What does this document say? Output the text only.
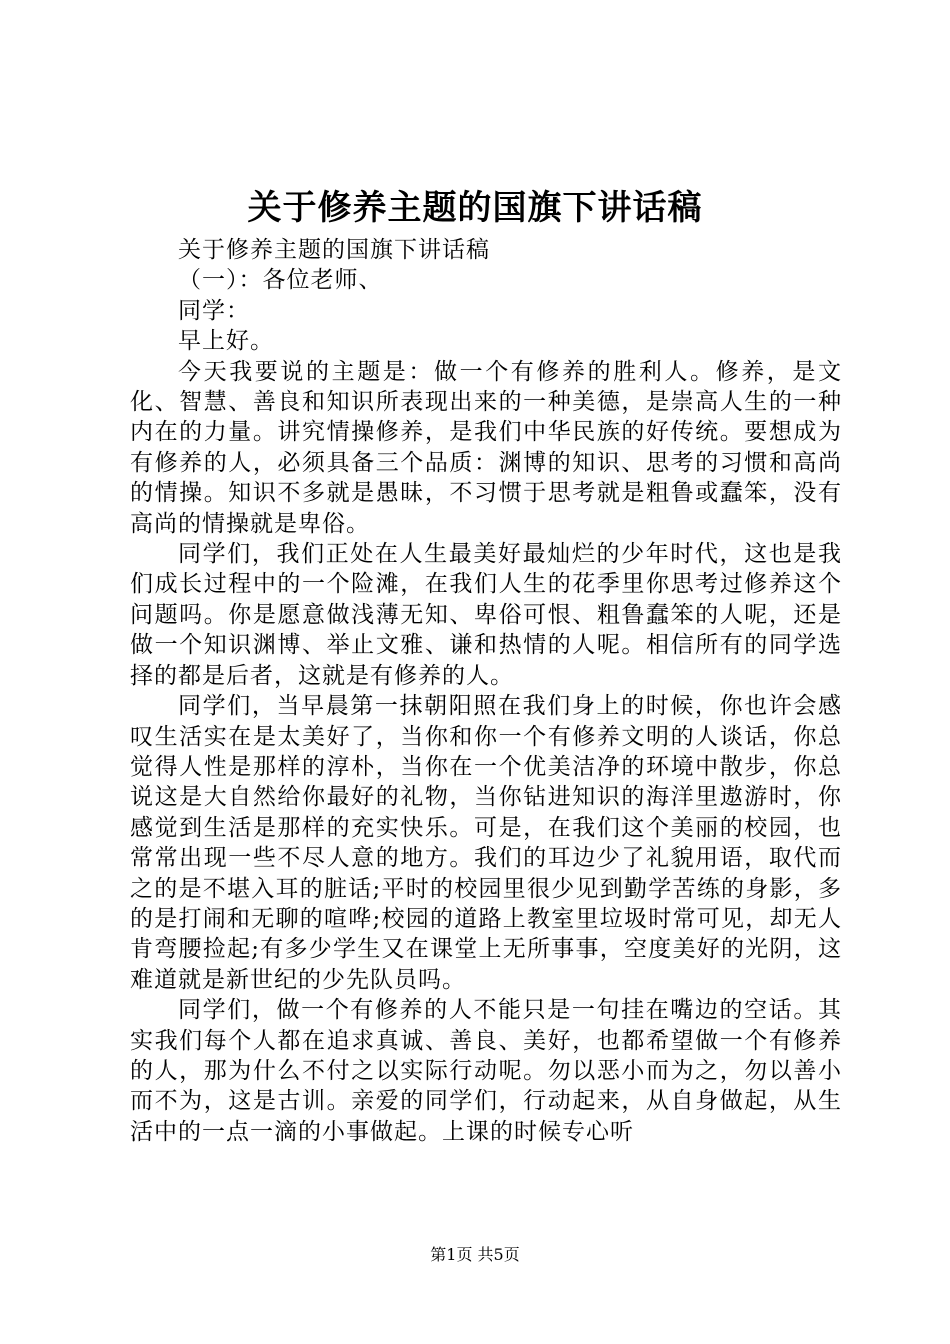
关于修养主题的国旗下讲话稿

关于修养主题的国旗下讲话稿

（一）：各位老师、

同学：

早上好。

今天我要说的主题是：做一个有修养的胜利人。修养，是文化、智慧、善良和知识所表现出来的一种美德，是崇高人生的一种内在的力量。讲究情操修养，是我们中华民族的好传统。要想成为有修养的人，必须具备三个品质：渊博的知识、思考的习惯和高尚的情操。知识不多就是愚昧，不习惯于思考就是粗鲁或蠢笨，没有高尚的情操就是卑俗。

同学们，我们正处在人生最美好最灿烂的少年时代，这也是我们成长过程中的一个险滩，在我们人生的花季里你思考过修养这个问题吗。你是愿意做浅薄无知、卑俗可恨、粗鲁蠢笨的人呢，还是做一个知识渊博、举止文雅、谦和热情的人呢。相信所有的同学选择的都是后者，这就是有修养的人。

同学们，当早晨第一抹朝阳照在我们身上的时候，你也许会感叹生活实在是太美好了，当你和你一个有修养文明的人谈话，你总觉得人性是那样的淳朴，当你在一个优美洁净的环境中散步，你总说这是大自然给你最好的礼物，当你钻进知识的海洋里遨游时，你感觉到生活是那样的充实快乐。可是，在我们这个美丽的校园，也常常出现一些不尽人意的地方。我们的耳边少了礼貌用语，取代而之的是不堪入耳的脏话;平时的校园里很少见到勤学苦练的身影，多的是打闹和无聊的喧哗;校园的道路上教室里垃圾时常可见，却无人肯弯腰捡起;有多少学生又在课堂上无所事事，空度美好的光阴，这难道就是新世纪的少先队员吗。

同学们，做一个有修养的人不能只是一句挂在嘴边的空话。其实我们每个人都在追求真诚、善良、美好，也都希望做一个有修养的人，那为什么不付之以实际行动呢。勿以恶小而为之，勿以善小而不为，这是古训。亲爱的同学们，行动起来，从自身做起，从生活中的一点一滴的小事做起。上课的时候专心听

第1页 共5页
